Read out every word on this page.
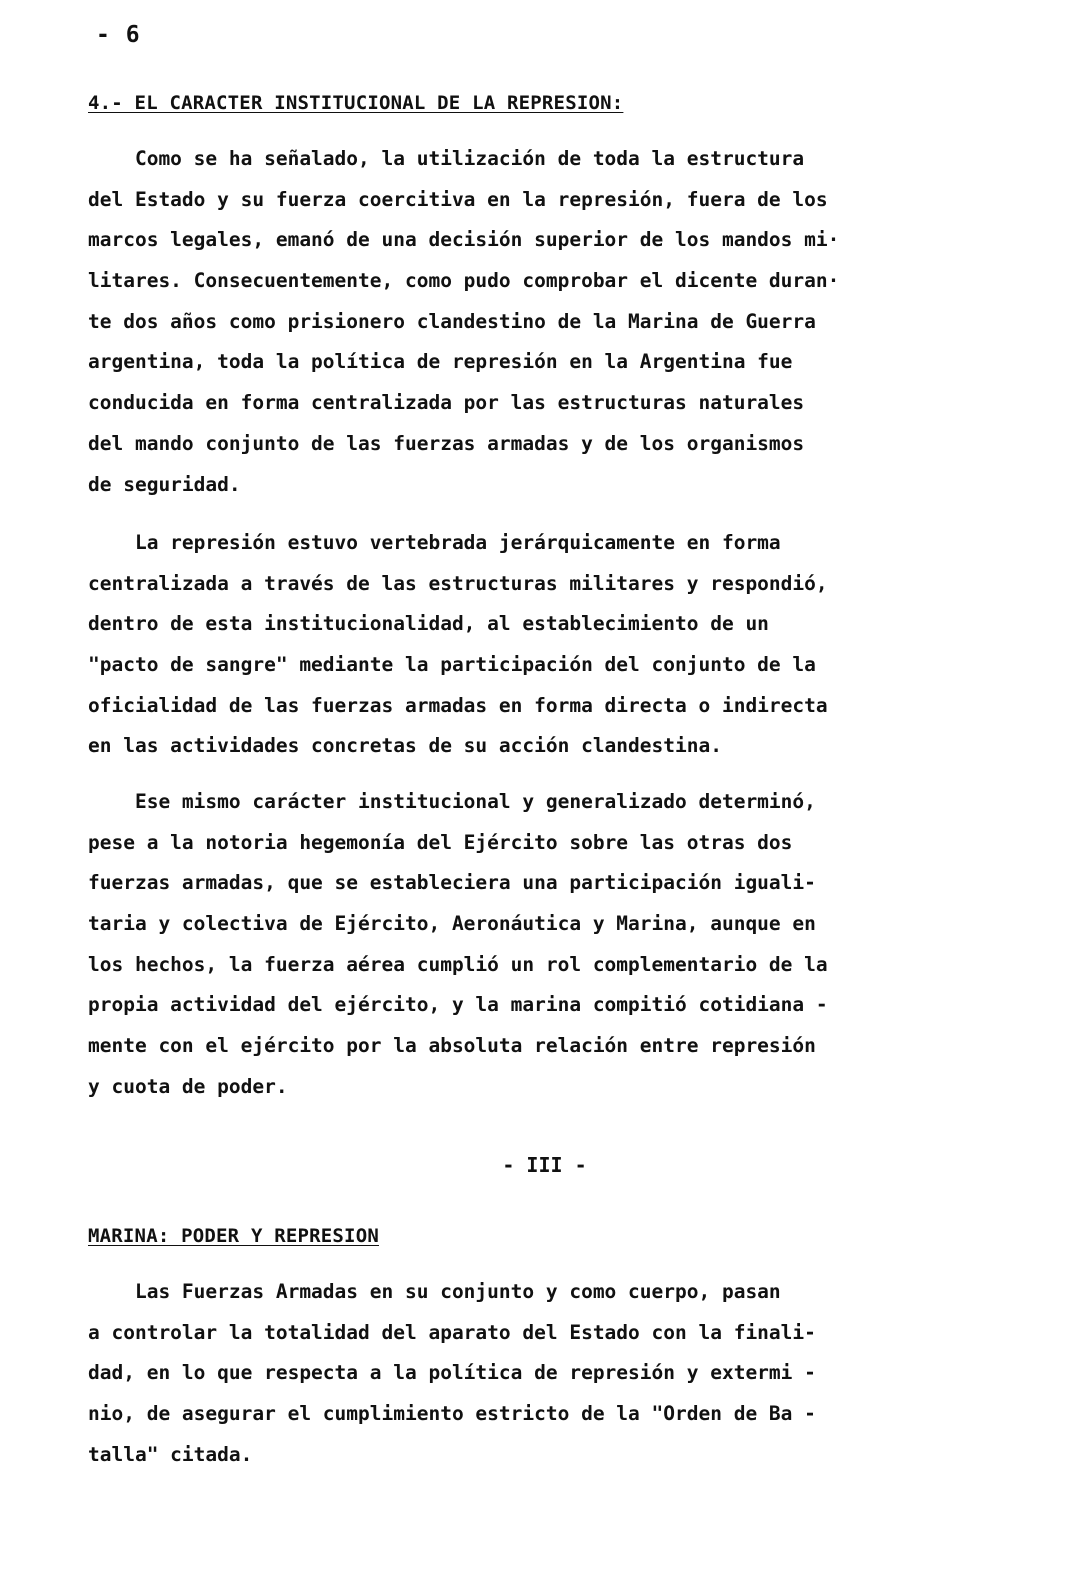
- 6
4.- EL CARACTER INSTITUCIONAL DE LA REPRESION:
Como se ha señalado, la utilización de toda la estructura
del Estado y su fuerza coercitiva en la represión, fuera de los
marcos legales, emanó de una decisión superior de los mandos mi·
litares. Consecuentemente, como pudo comprobar el dicente duran·
te dos años como prisionero clandestino de la Marina de Guerra
argentina, toda la política de represión en la Argentina fue
conducida en forma centralizada por las estructuras naturales
del mando conjunto de las fuerzas armadas y de los organismos
de seguridad.
La represión estuvo vertebrada jerárquicamente en forma
centralizada a través de las estructuras militares y respondió,
dentro de esta institucionalidad, al establecimiento de un
"pacto de sangre" mediante la participación del conjunto de la
oficialidad de las fuerzas armadas en forma directa o indirecta
en las actividades concretas de su acción clandestina.
Ese mismo carácter institucional y generalizado determinó,
pese a la notoria hegemonía del Ejército sobre las otras dos
fuerzas armadas, que se estableciera una participación iguali-
taria y colectiva de Ejército, Aeronáutica y Marina, aunque en
los hechos, la fuerza aérea cumplió un rol complementario de la
propia actividad del ejército, y la marina compitió cotidiana -
mente con el ejército por la absoluta relación entre represión
y cuota de poder.
- III -
MARINA: PODER Y REPRESION
Las Fuerzas Armadas en su conjunto y como cuerpo, pasan
a controlar la totalidad del aparato del Estado con la finali-
dad, en lo que respecta a la política de represión y extermi -
nio, de asegurar el cumplimiento estricto de la "Orden de Ba -
talla" citada.
